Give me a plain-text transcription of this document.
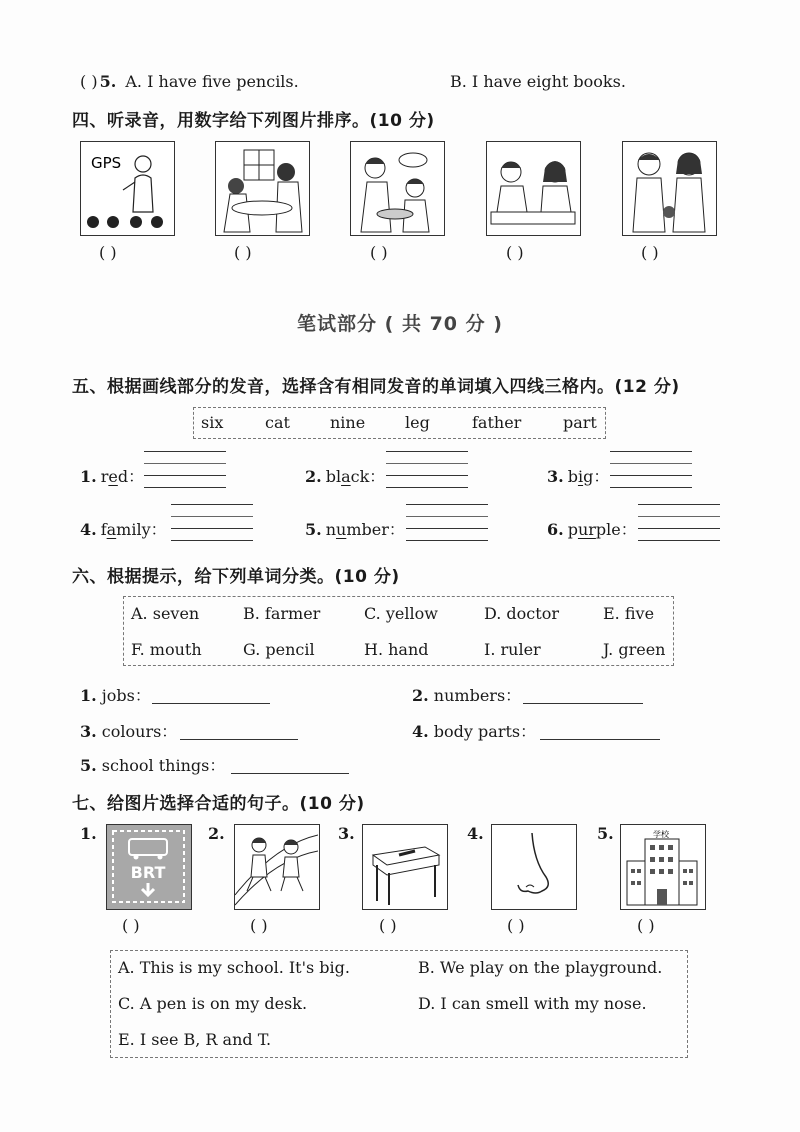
( ) 5. A. I have five pencils.	B. I have eight books.
四、听录音，用数字给下列图片排序。(10 分)
GPS
( )	( )	( )	( )	( )
笔试部分 ( 共 70 分 )
五、根据画线部分的发音，选择含有相同发音的单词填入四线三格内。(12 分)
six	cat	nine leg	father	part
1. red：	2. black：	3. big：
4. family：	5. number：	6. purple：
六、根据提示，给下列单词分类。(10 分)
A. seven	B. farmer	C. yellow	D. doctor	E. five
F. mouth	G. pencil	H. hand	I. ruler	J. green
1. jobs：	2. numbers：
3. colours：	4. body parts：
5. school things：
七、给图片选择合适的句子。(10 分)
1.	2.	3.	4.	5.
BRT
学校
( )	( )	( )	( )	( )
A. This is my school. It's big.	B. We play on the playground.
C. A pen is on my desk.	D. I can smell with my nose.
E. I see B, R and T.
